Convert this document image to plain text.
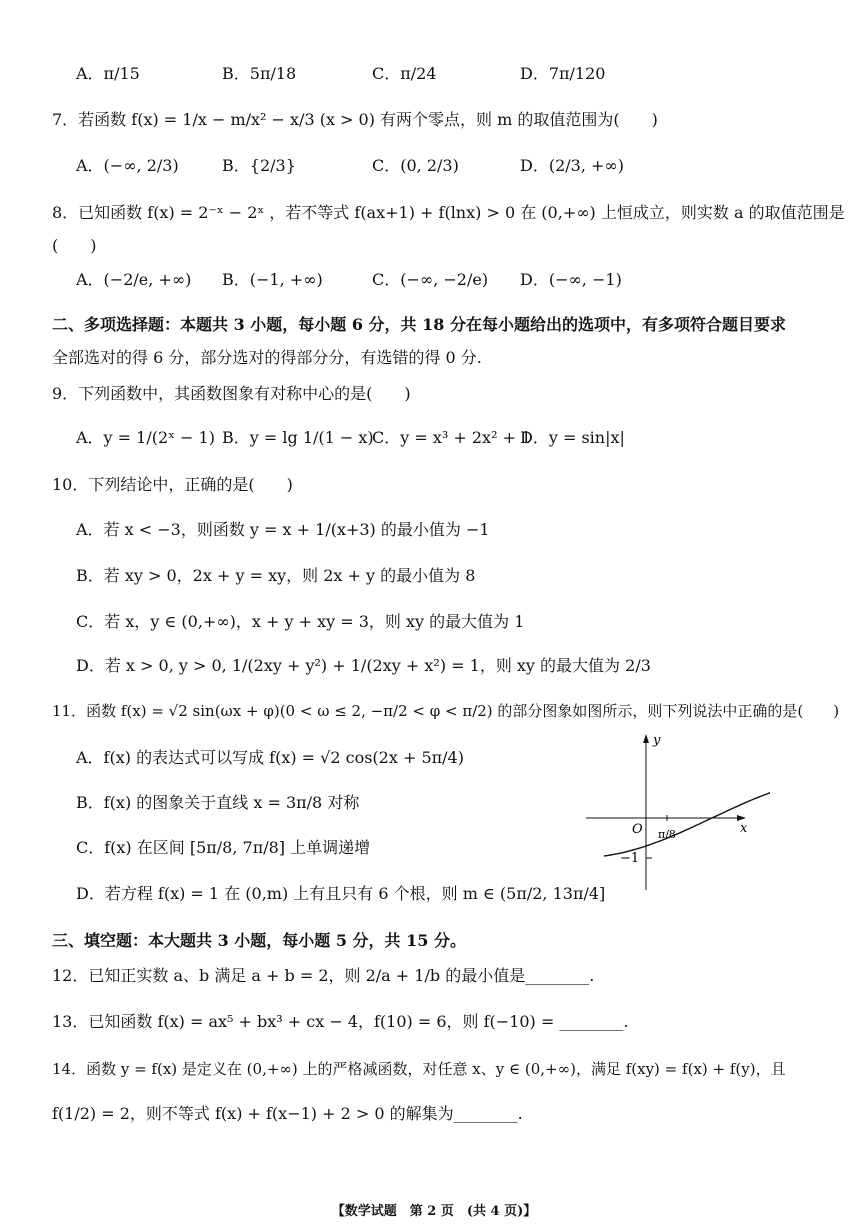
A．π/15	B．5π/18	C．π/24	D．7π/120
7．若函数 f(x) = 1/x − m/x² − x/3 (x > 0) 有两个零点，则 m 的取值范围为(　　)
A．(−∞, 2/3)	B．{2/3}	C．(0, 2/3)	D．(2/3, +∞)
8．已知函数 f(x) = 2⁻ˣ − 2ˣ ，若不等式 f(ax+1) + f(lnx) > 0 在 (0,+∞) 上恒成立，则实数 a 的取值范围是
(　　)
A．(−2/e, +∞) B．(−1, +∞)	C．(−∞, −2/e) D．(−∞, −1)
二、多项选择题：本题共 3 小题，每小题 6 分，共 18 分在每小题给出的选项中，有多项符合题目要求
全部选对的得 6 分，部分选对的得部分分，有选错的得 0 分.
9．下列函数中，其函数图象有对称中心的是(　　)
A．y = 1/(2ˣ − 1) B．y = lg 1/(1 − x)
C．y = x³ + 2x² + 1
D．y = sin|x|
10．下列结论中，正确的是(　　)
A．若 x < −3，则函数 y = x + 1/(x+3) 的最小值为 −1
B．若 xy > 0，2x + y = xy，则 2x + y 的最小值为 8
C．若 x，y ∈ (0,+∞)，x + y + xy = 3，则 xy 的最大值为 1
D．若 x > 0, y > 0, 1/(2xy + y²) + 1/(2xy + x²) = 1，则 xy 的最大值为 2/3
11．函数 f(x) = √2 sin(ωx + φ)(0 < ω ≤ 2, −π/2 < φ < π/2) 的部分图象如图所示，则下列说法中正确的是(　　)
A．f(x) 的表达式可以写成 f(x) = √2 cos(2x + 5π/4)
B．f(x) 的图象关于直线 x = 3π/8 对称
C．f(x) 在区间 [5π/8, 7π/8] 上单调递增
D．若方程 f(x) = 1 在 (0,m) 上有且只有 6 个根，则 m ∈ (5π/2, 13π/4]
y
x
O π/8
−1
三、填空题：本大题共 3 小题，每小题 5 分，共 15 分。
12．已知正实数 a、b 满足 a + b = 2，则 2/a + 1/b 的最小值是________.
13．已知函数 f(x) = ax⁵ + bx³ + cx − 4，f(10) = 6，则 f(−10) = ________.
14．函数 y = f(x) 是定义在 (0,+∞) 上的严格减函数，对任意 x、y ∈ (0,+∞)，满足 f(xy) = f(x) + f(y)，且
f(1/2) = 2，则不等式 f(x) + f(x−1) + 2 > 0 的解集为________.
【数学试题　第 2 页　(共 4 页)】
